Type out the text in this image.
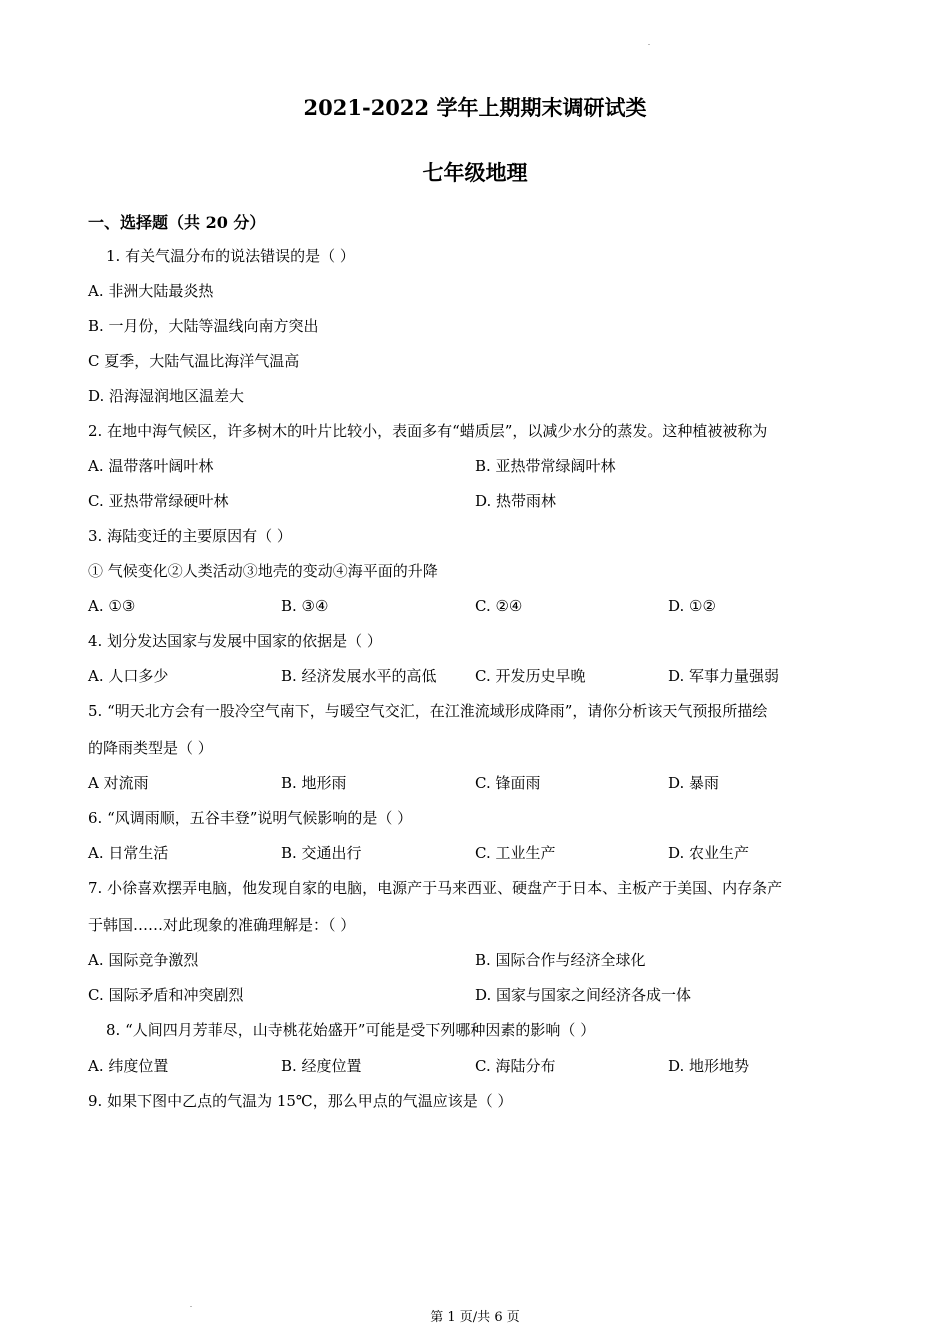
2021-2022 学年上期期末调研试类
七年级地理
一、选择题（共 20 分）
1. 有关气温分布的说法错误的是（ ）
A. 非洲大陆最炎热
B. 一月份，大陆等温线向南方突出
C 夏季，大陆气温比海洋气温高
D. 沿海湿润地区温差大
2. 在地中海气候区，许多树木的叶片比较小，表面多有“蜡质层”，以减少水分的蒸发。这种植被被称为
A. 温带落叶阔叶林	B. 亚热带常绿阔叶林
C. 亚热带常绿硬叶林	D. 热带雨林
3. 海陆变迁的主要原因有（ ）
① 气候变化②人类活动③地壳的变动④海平面的升降
A. ①③	B. ③④	C. ②④	D. ①②
4. 划分发达国家与发展中国家的依据是（ ）
A. 人口多少	B. 经济发展水平的高低	C. 开发历史早晚	D. 军事力量强弱
5. “明天北方会有一股冷空气南下，与暖空气交汇，在江淮流域形成降雨”，请你分析该天气预报所描绘
的降雨类型是（ ）
A 对流雨	B. 地形雨	C. 锋面雨	D. 暴雨
6. “风调雨顺，五谷丰登”说明气候影响的是（ ）
A. 日常生活	B. 交通出行	C. 工业生产	D. 农业生产
7. 小徐喜欢摆弄电脑，他发现自家的电脑，电源产于马来西亚、硬盘产于日本、主板产于美国、内存条产
于韩国……对此现象的准确理解是：（ ）
A. 国际竞争激烈	B. 国际合作与经济全球化
C. 国际矛盾和冲突剧烈	D. 国家与国家之间经济各成一体
8. “人间四月芳菲尽，山寺桃花始盛开”可能是受下列哪种因素的影响（ ）
A. 纬度位置	B. 经度位置	C. 海陆分布	D. 地形地势
9. 如果下图中乙点的气温为 15℃，那么甲点的气温应该是（ ）
第 1 页/共 6 页
